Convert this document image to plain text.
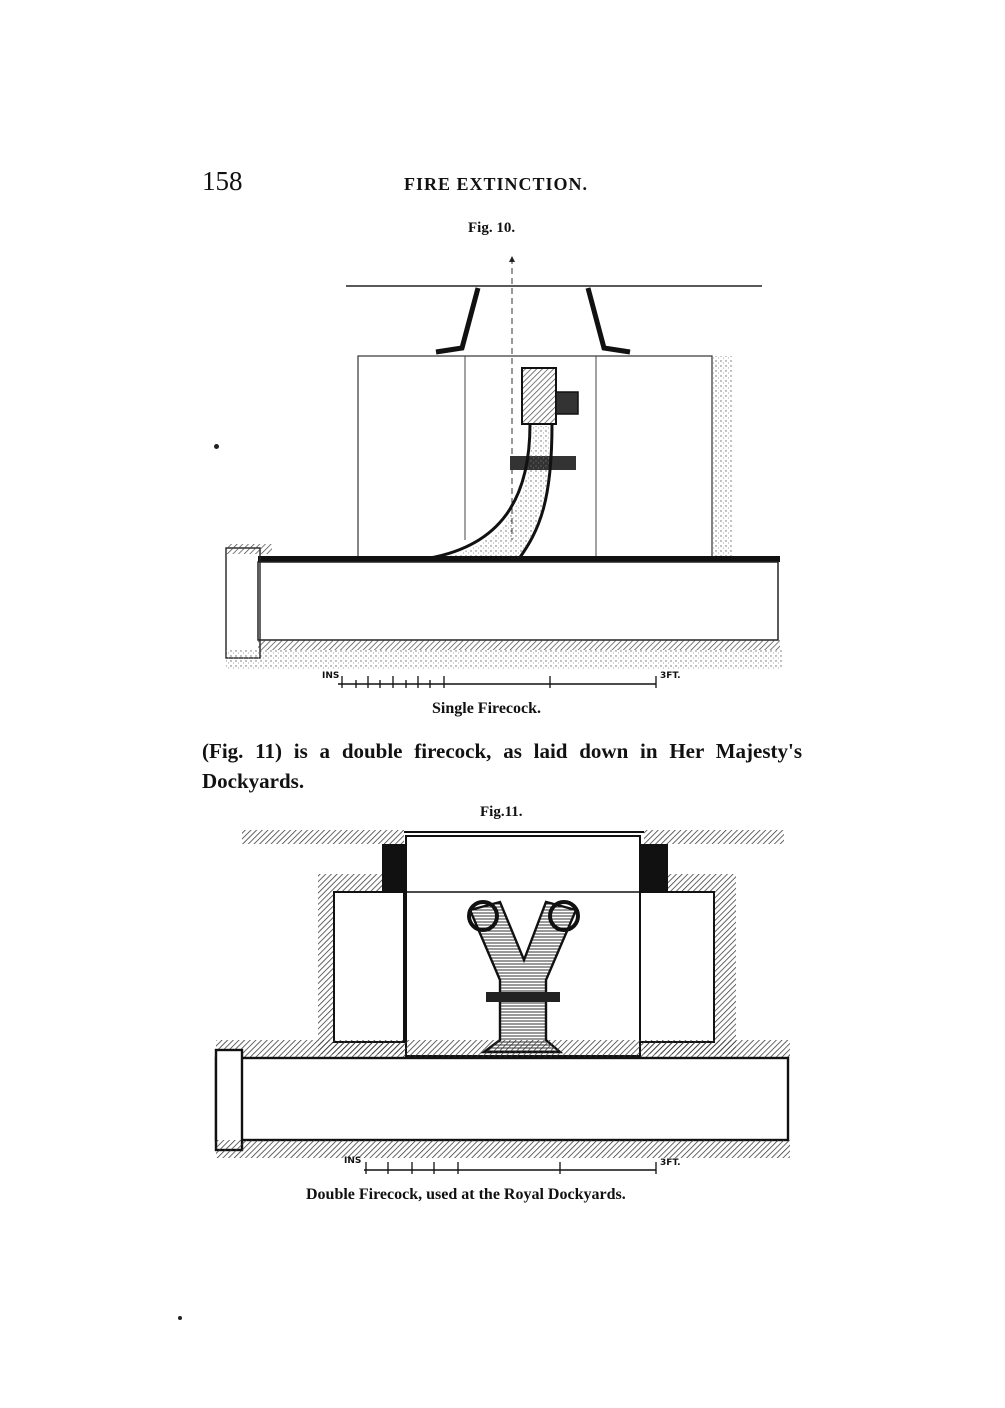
158	FIRE EXTINCTION.
Fig. 10.
INS	3FT.
Single Firecock.
(Fig. 11) is a double firecock, as laid down in Her Majesty's Dockyards.
Fig.11.
INS	3FT.
Double Firecock, used at the Royal Dockyards.
